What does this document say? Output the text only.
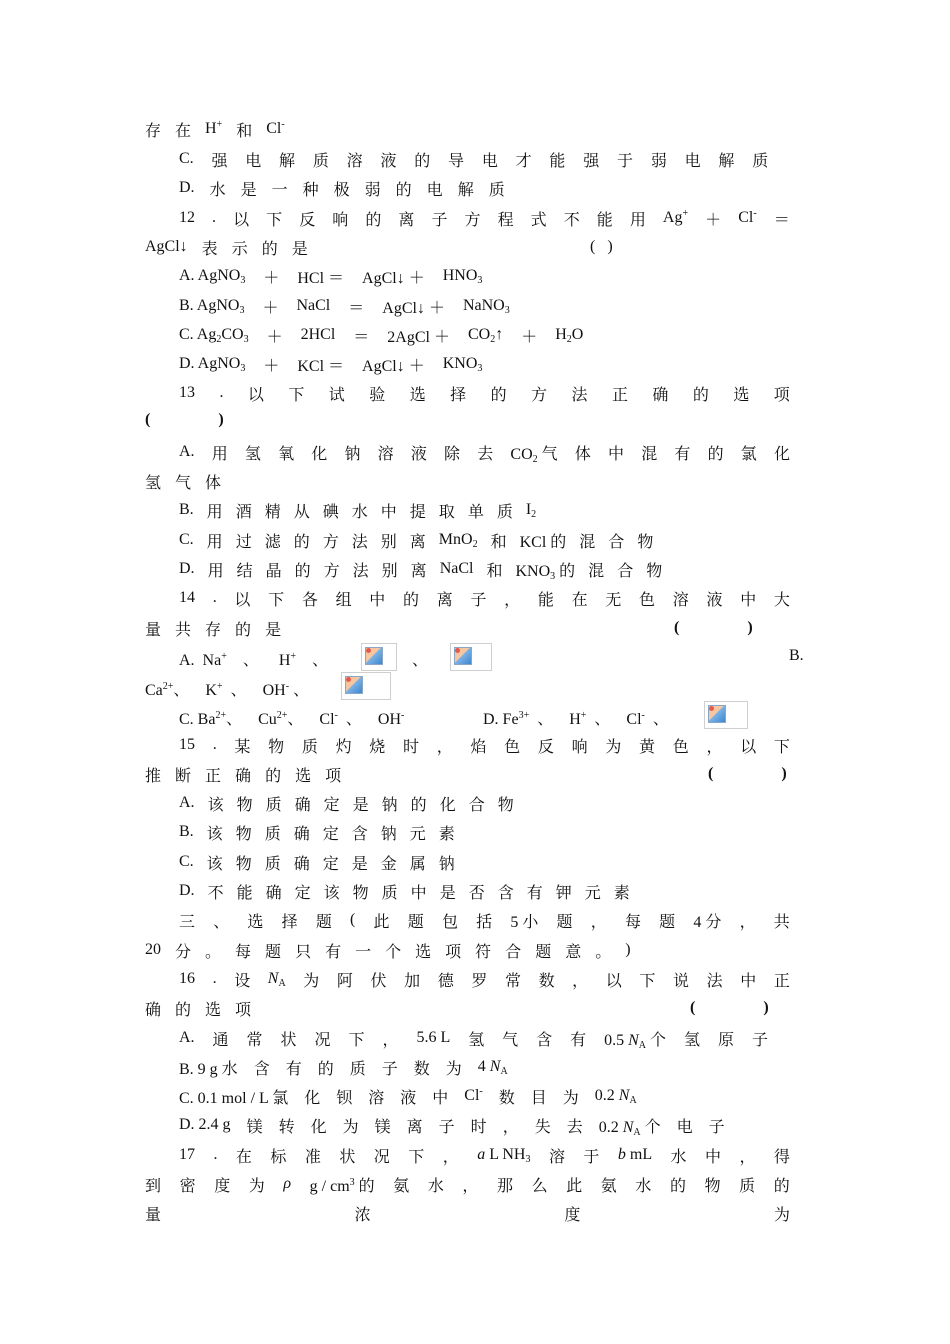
存 在 H+ 和 Cl-
C. 强 电 解 质 溶 液 的 导 电 才 能 强 于 弱 电 解 质
D. 水 是 一 种 极 弱 的 电 解 质
12 . 以 下 反 响 的 离 子 方 程 式 不 能 用 Ag+ ＋ Cl- ＝
AgCl↓ 表 示 的 是	(   )
A. AgNO$_3$ ＋ HCl ＝ AgCl↓ ＋ $HNO_3$
B. AgNO$_3$ ＋ NaCl ＝ AgCl↓ ＋ NaNO$_3$
C. $Ag_2CO_3 + 2HCl$ ＝ 2AgCl ＋ $CO_2↑ + H_2O$
D. AgNO$_3$ ＋ KCl ＝ AgCl↓ ＋ $KNO_3$
13 . 以 下 试 验 选 择 的 方 法 正 确 的 选 项
(                 )
A. 用 氢 氧 化 钠 溶 液 除 去 $CO_2$ 气 体 中 混 有 的 氯 化
氢 气 体
B. 用 酒 精 从 碘 水 中 提 取 单 质 $I_2$
C. 用 过 滤 的 方 法 别 离 MnO$_2$ 和 KCl 的 混 合 物
D. 用 结 晶 的 方 法 别 离 NaCl 和 $KNO_3$ 的 混 合 物
14 . 以 下 各 组 中 的 离 子 ， 能 在 无 色 溶 液 中 大
量 共 存 的 是	(                 )
A.  Na+    、     H+    、	、	B.
$Ca^{2+}$、    K+  、    OH- 、
C. $Ba^{2+}$、    $Cu^{2+}$、    Cl-  、    OH-	D. $Fe^{3+}$  、    H+  、    Cl-  、
15 . 某 物 质 灼 烧 时 ， 焰 色 反 响 为 黄 色 ， 以 下
推 断 正 确 的 选 项	(                 )
A. 该 物 质 确 定 是 钠 的 化 合 物
B. 该 物 质 确 定 含 钠 元 素
C. 该 物 质 确 定 是 金 属 钠
D. 不 能 确 定 该 物 质 中 是 否 含 有 钾 元 素
三 、 选 择 题 ( 此 题 包 括 5 小 题 ， 每 题 4 分 ， 共
20 分 。 每 题 只 有 一 个 选 项 符 合 题 意 。 )
16 . 设 $N_A$ 为 阿 伏 加 德 罗 常 数 ， 以 下 说 法 中 正
确 的 选 项	(                 )
A. 通 常 状 况 下 ， 5.6 L 氢 气 含 有 0.5 $N_A$ 个 氢 原 子
B. 9 g 水 含 有 的 质 子 数 为 4 $N_A$
C. 0.1 mol / L 氯 化 钡 溶 液 中 Cl- 数 目 为 0.2 $N_A$
D. 2.4 g 镁 转 化 为 镁 离 子 时 ， 失 去 0.2 $N_A$ 个 电 子
17 . 在 标 准 状 况 下 ， a L $NH_3$ 溶 于 b mL 水 中 ， 得
到 密 度 为 ρ g / $cm^3$ 的 氨 水 ， 那 么 此 氨 水 的 物 质 的
量	浓	度	为
